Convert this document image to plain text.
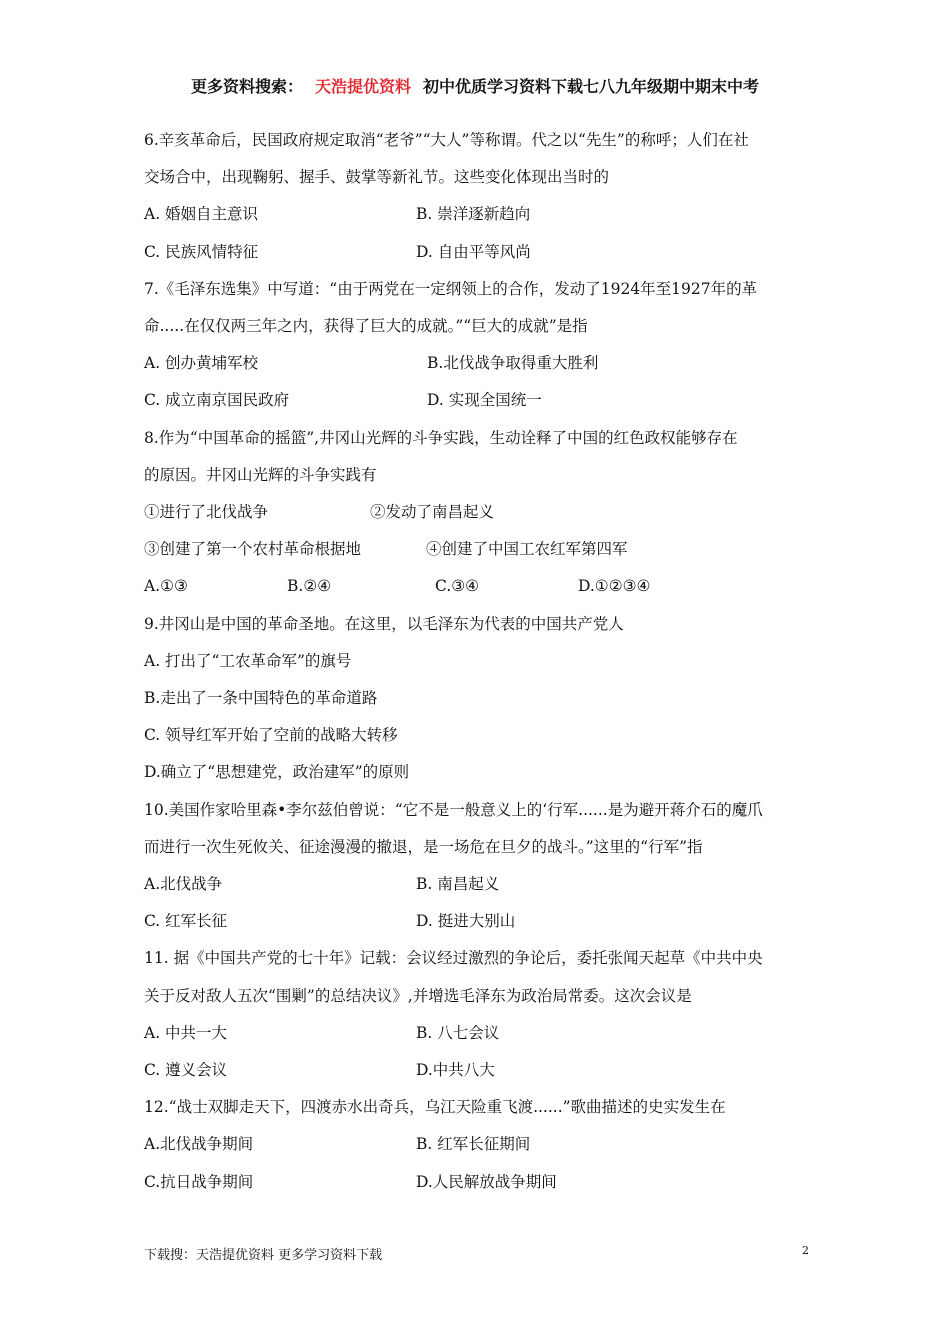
更多资料搜索： 天浩提优资料 初中优质学习资料下载七八九年级期中期末中考
6.辛亥革命后，民国政府规定取消“老爷”“大人”等称谓。代之以“先生”的称呼；人们在社
交场合中，出现鞠躬、握手、鼓掌等新礼节。这些变化体现出当时的
A. 婚姻自主意识	B. 崇洋逐新趋向
C. 民族风情特征	D. 自由平等风尚
7.《毛泽东选集》中写道：“由于两党在一定纲领上的合作，发动了1924年至1927年的革
命.....在仅仅两三年之内，获得了巨大的成就。”“巨大的成就”是指
A. 创办黄埔军校	B.北伐战争取得重大胜利
C. 成立南京国民政府	D. 实现全国统一
8.作为“中国革命的摇篮”,井冈山光辉的斗争实践，生动诠释了中国的红色政权能够存在
的原因。井冈山光辉的斗争实践有
①进行了北伐战争	②发动了南昌起义
③创建了第一个农村革命根据地	④创建了中国工农红军第四军
A.①③	B.②④	C.③④	D.①②③④
9.井冈山是中国的革命圣地。在这里，以毛泽东为代表的中国共产党人
A. 打出了“工农革命军”的旗号
B.走出了一条中国特色的革命道路
C. 领导红军开始了空前的战略大转移
D.确立了“思想建党，政治建军”的原则
10.美国作家哈里森•李尔兹伯曾说：“它不是一般意义上的‘行军......是为避开蒋介石的魔爪
而进行一次生死攸关、征途漫漫的撤退，是一场危在旦夕的战斗。”这里的“行军”指
A.北伐战争	B. 南昌起义
C. 红军长征	D. 挺进大别山
11. 据《中国共产党的七十年》记载：会议经过激烈的争论后，委托张闻天起草《中共中央
关于反对敌人五次“围剿”的总结决议》,并增选毛泽东为政治局常委。这次会议是
A. 中共一大	B. 八七会议
C. 遵义会议	D.中共八大
12.“战士双脚走天下，四渡赤水出奇兵，乌江天险重飞渡......”歌曲描述的史实发生在
A.北伐战争期间	B. 红军长征期间
C.抗日战争期间	D.人民解放战争期间
下载搜：天浩提优资料 更多学习资料下载	2
